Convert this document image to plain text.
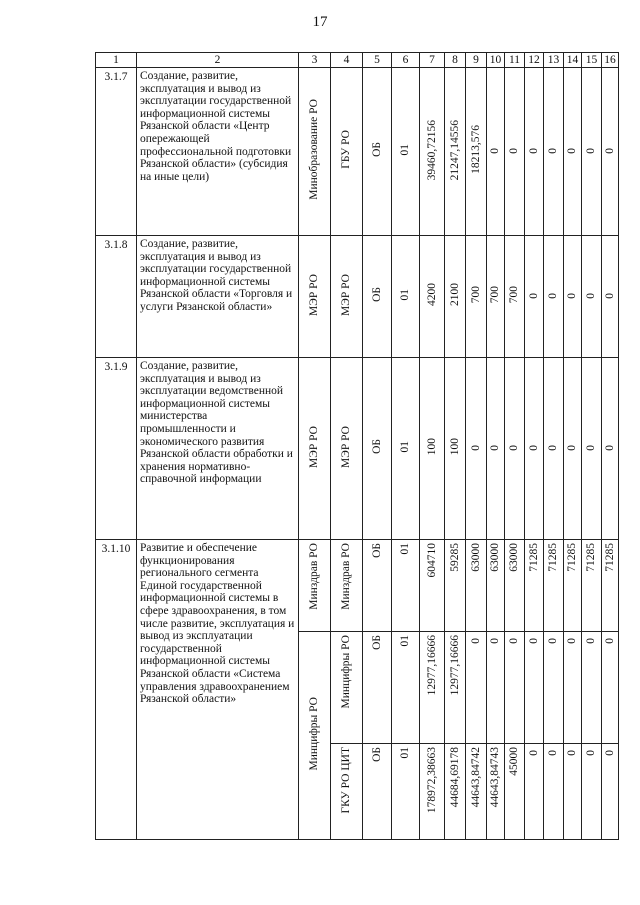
17
1	2	3	4	5	6	7	8	9	10	11	12	13	14	15	16
3.1.7	Создание, развитие, эксплуатация и вывод из эксплуатации государственной информационной системы Рязанской области «Центр опережающей профессиональной подготовки Рязанской области» (субсидия на иные цели)	Минобразование РО	ГБУ РО	ОБ	01	39460,72156	21247,14556	18213,576	0	0	0	0	0	0	0
3.1.8	Создание, развитие, эксплуатация и вывод из эксплуатации государственной информационной системы Рязанской области «Торговля и услуги Рязанской области»	МЭР РО	МЭР РО	ОБ	01	4200	2100	700	700	700	0	0	0	0	0
3.1.9	Создание, развитие, эксплуатация и вывод из эксплуатации ведомственной информационной системы министерства промышленности и экономического развития Рязанской области обработки и хранения нормативно-справочной информации	МЭР РО	МЭР РО	ОБ	01	100	100	0	0	0	0	0	0	0	0
3.1.10	Развитие и обеспечение функционирования регионального сегмента Единой государственной информационной системы в сфере здравоохранения, в том числе развитие, эксплуатация и вывод из эксплуатации государственной информационной системы Рязанской области «Система управления здравоохранением Рязанской области»	Минздрав РО	Минздрав РО	ОБ	01	604710	59285	63000	63000	63000	71285	71285	71285	71285	71285
		Минцифры РО	Минцифры РО	ОБ	01	12977,16666	12977,16666	0	0	0	0	0	0	0	0
			ГКУ РО ЦИТ	ОБ	01	178972,38663	44684,69178	44643,84742	44643,84743	45000	0	0	0	0	0
